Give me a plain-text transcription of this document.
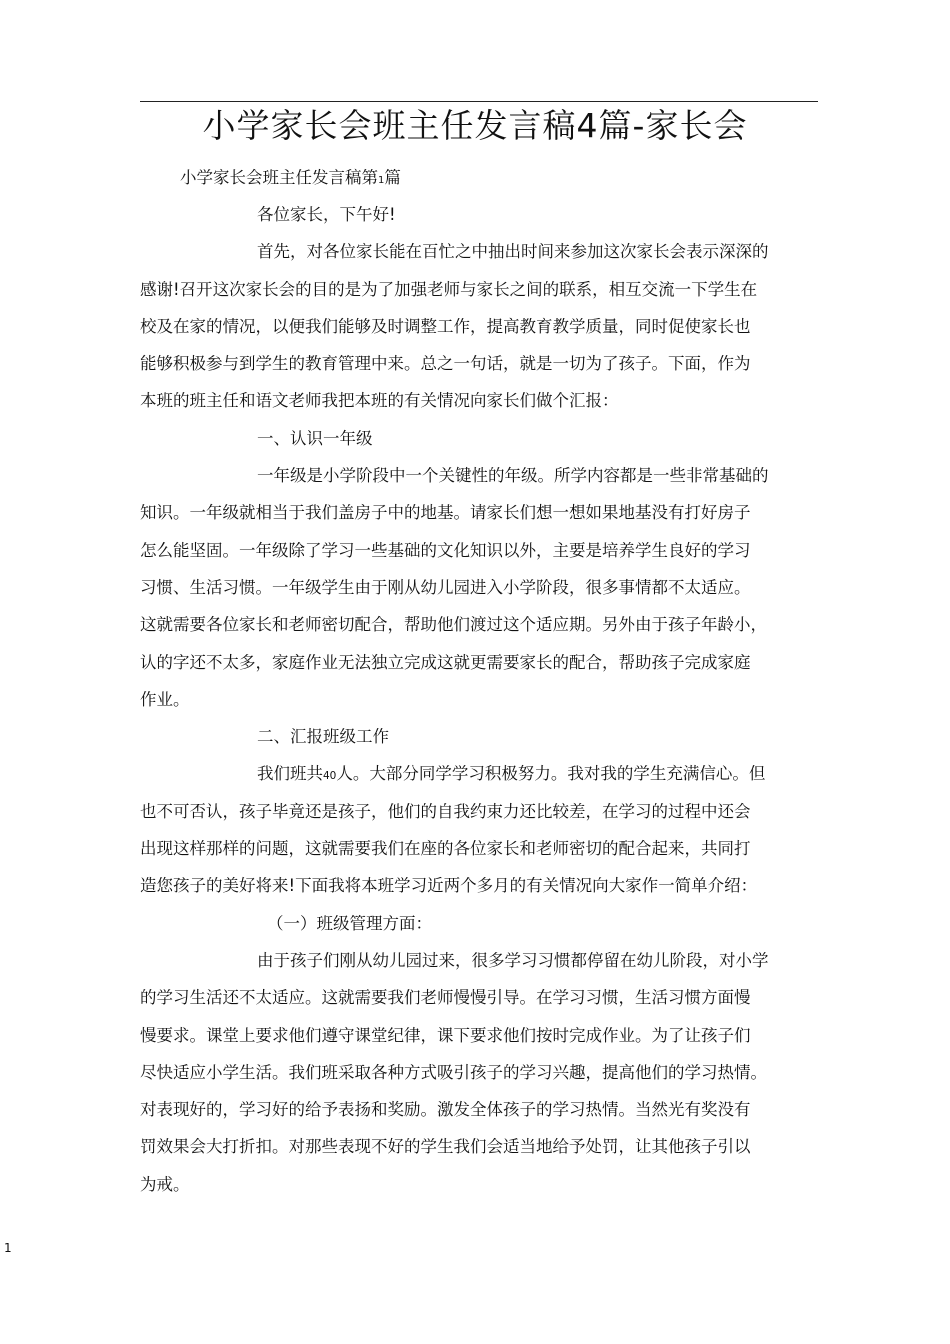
小学家长会班主任发言稿4篇-家长会
小学家长会班主任发言稿第1篇

各位家长，下午好!

首先，对各位家长能在百忙之中抽出时间来参加这次家长会表示深深的

感谢!召开这次家长会的目的是为了加强老师与家长之间的联系，相互交流一下学生在

校及在家的情况，以便我们能够及时调整工作，提高教育教学质量，同时促使家长也

能够积极参与到学生的教育管理中来。总之一句话，就是一切为了孩子。下面，作为

本班的班主任和语文老师我把本班的有关情况向家长们做个汇报：

一、认识一年级

一年级是小学阶段中一个关键性的年级。所学内容都是一些非常基础的

知识。一年级就相当于我们盖房子中的地基。请家长们想一想如果地基没有打好房子

怎么能坚固。一年级除了学习一些基础的文化知识以外，主要是培养学生良好的学习

习惯、生活习惯。一年级学生由于刚从幼儿园进入小学阶段，很多事情都不太适应。

这就需要各位家长和老师密切配合，帮助他们渡过这个适应期。另外由于孩子年龄小，

认的字还不太多，家庭作业无法独立完成这就更需要家长的配合，帮助孩子完成家庭

作业。

二、汇报班级工作

我们班共40人。大部分同学学习积极努力。我对我的学生充满信心。但

也不可否认，孩子毕竟还是孩子，他们的自我约束力还比较差，在学习的过程中还会

出现这样那样的问题，这就需要我们在座的各位家长和老师密切的配合起来，共同打

造您孩子的美好将来!下面我将本班学习近两个多月的有关情况向大家作一简单介绍：

（一）班级管理方面：

由于孩子们刚从幼儿园过来，很多学习习惯都停留在幼儿阶段，对小学

的学习生活还不太适应。这就需要我们老师慢慢引导。在学习习惯，生活习惯方面慢

慢要求。课堂上要求他们遵守课堂纪律，课下要求他们按时完成作业。为了让孩子们

尽快适应小学生活。我们班采取各种方式吸引孩子的学习兴趣，提高他们的学习热情。

对表现好的，学习好的给予表扬和奖励。激发全体孩子的学习热情。当然光有奖没有

罚效果会大打折扣。对那些表现不好的学生我们会适当地给予处罚，让其他孩子引以

为戒。

1
